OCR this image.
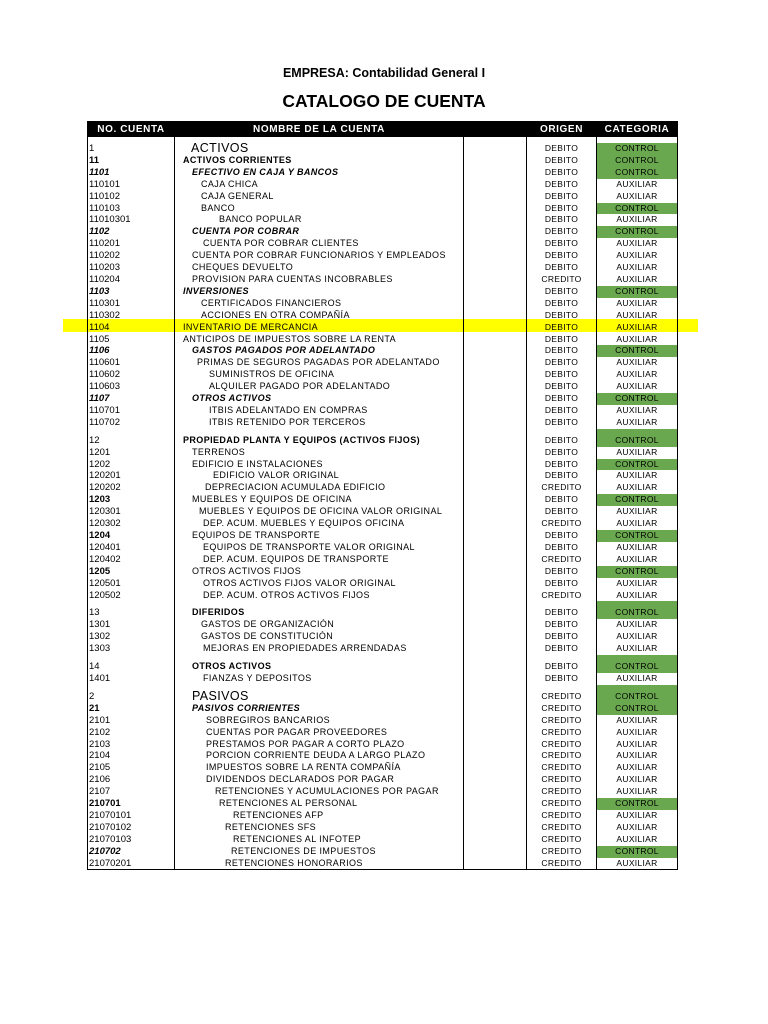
EMPRESA: Contabilidad General I
CATALOGO DE CUENTA
NO. CUENTA	NOMBRE DE LA CUENTA		ORIGEN	CATEGORIA

1	ACTIVOS		DEBITO	CONTROL
11	ACTIVOS CORRIENTES		DEBITO	CONTROL
1101	EFECTIVO EN CAJA Y BANCOS		DEBITO	CONTROL
110101	CAJA CHICA		DEBITO	AUXILIAR
110102	CAJA GENERAL		DEBITO	AUXILIAR
110103	BANCO		DEBITO	CONTROL
11010301	BANCO POPULAR		DEBITO	AUXILIAR
1102	CUENTA POR COBRAR		DEBITO	CONTROL
110201	CUENTA POR COBRAR CLIENTES		DEBITO	AUXILIAR
110202	CUENTA POR COBRAR FUNCIONARIOS Y EMPLEADOS		DEBITO	AUXILIAR
110203	CHEQUES DEVUELTO		DEBITO	AUXILIAR
110204	PROVISION PARA CUENTAS INCOBRABLES		CREDITO	AUXILIAR
1103	INVERSIONES		DEBITO	CONTROL
110301	CERTIFICADOS FINANCIEROS		DEBITO	AUXILIAR
110302	ACCIONES EN OTRA COMPAÑÍA		DEBITO	AUXILIAR
1104	INVENTARIO DE MERCANCIA		DEBITO	AUXILIAR
1105	ANTICIPOS DE IMPUESTOS SOBRE LA RENTA		DEBITO	AUXILIAR
1106	GASTOS PAGADOS POR ADELANTADO		DEBITO	CONTROL
110601	PRIMAS DE SEGUROS PAGADAS POR ADELANTADO		DEBITO	AUXILIAR
110602	SUMINISTROS DE OFICINA		DEBITO	AUXILIAR
110603	ALQUILER PAGADO POR ADELANTADO		DEBITO	AUXILIAR
1107	OTROS ACTIVOS		DEBITO	CONTROL
110701	ITBIS ADELANTADO EN COMPRAS		DEBITO	AUXILIAR
110702	ITBIS RETENIDO POR TERCEROS		DEBITO	AUXILIAR

12	PROPIEDAD PLANTA Y EQUIPOS (ACTIVOS FIJOS)		DEBITO	CONTROL
1201	TERRENOS		DEBITO	AUXILIAR
1202	EDIFICIO E INSTALACIONES		DEBITO	CONTROL
120201	EDIFICIO VALOR ORIGINAL		DEBITO	AUXILIAR
120202	DEPRECIACION ACUMULADA EDIFICIO		CREDITO	AUXILIAR
1203	MUEBLES Y EQUIPOS DE OFICINA		DEBITO	CONTROL
120301	MUEBLES Y EQUIPOS DE OFICINA VALOR ORIGINAL		DEBITO	AUXILIAR
120302	DEP. ACUM. MUEBLES Y EQUIPOS OFICINA		CREDITO	AUXILIAR
1204	EQUIPOS DE TRANSPORTE		DEBITO	CONTROL
120401	EQUIPOS DE TRANSPORTE VALOR ORIGINAL		DEBITO	AUXILIAR
120402	DEP. ACUM. EQUIPOS DE TRANSPORTE		CREDITO	AUXILIAR
1205	OTROS ACTIVOS FIJOS		DEBITO	CONTROL
120501	OTROS ACTIVOS FIJOS VALOR ORIGINAL		DEBITO	AUXILIAR
120502	DEP. ACUM. OTROS ACTIVOS FIJOS		CREDITO	AUXILIAR

13	DIFERIDOS		DEBITO	CONTROL
1301	GASTOS DE ORGANIZACIÓN		DEBITO	AUXILIAR
1302	GASTOS DE CONSTITUCIÓN		DEBITO	AUXILIAR
1303	MEJORAS EN PROPIEDADES ARRENDADAS		DEBITO	AUXILIAR

14	OTROS ACTIVOS		DEBITO	CONTROL
1401	FIANZAS Y DEPOSITOS		DEBITO	AUXILIAR

2	PASIVOS		CREDITO	CONTROL
21	PASIVOS CORRIENTES		CREDITO	CONTROL
2101	SOBREGIROS BANCARIOS		CREDITO	AUXILIAR
2102	CUENTAS POR PAGAR PROVEEDORES		CREDITO	AUXILIAR
2103	PRESTAMOS POR PAGAR A CORTO PLAZO		CREDITO	AUXILIAR
2104	PORCION CORRIENTE DEUDA A LARGO PLAZO		CREDITO	AUXILIAR
2105	IMPUESTOS SOBRE LA RENTA COMPAÑÍA		CREDITO	AUXILIAR
2106	DIVIDENDOS DECLARADOS POR PAGAR		CREDITO	AUXILIAR
2107	RETENCIONES Y ACUMULACIONES POR PAGAR		CREDITO	AUXILIAR
210701	RETENCIONES AL PERSONAL		CREDITO	CONTROL
21070101	RETENCIONES AFP		CREDITO	AUXILIAR
21070102	RETENCIONES SFS		CREDITO	AUXILIAR
21070103	RETENCIONES AL INFOTEP		CREDITO	AUXILIAR
210702	RETENCIONES DE IMPUESTOS		CREDITO	CONTROL
21070201	RETENCIONES HONORARIOS		CREDITO	AUXILIAR
